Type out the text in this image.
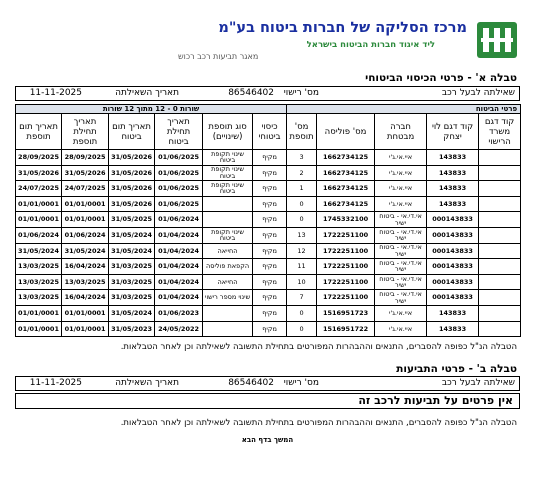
מרכז הסליקה של חברות ביטוח בע"מ
ליד איגוד חברות הביטוח בישראל
מאגר תביעות רכב רכוש
טבלה א' - פרטי הכיסוי הביטוחי
שאילתה לבעל רכב
מס' רישוי
86546402
תאריך השאילתה
11-11-2025
פרטי הביטוח					שורות 0 - 12 מתוך 12 שורות					
קוד דגם משרד הרישוי	קוד דגם לוי יצחק	חברה מבטחת	מס' פוליסה	מס' תוספת	כיסוי ביטוחי	סוג תוספת (שינויים)	תאריך תחילת ביטוח	תאריך תום ביטוח	תאריך תחילת תוספת	תאריך תום תוספת
	143833	איי.אי.ג'י	1662734125	3	מקיף	שינוי תקופת ביטוח	01/06/2025	31/05/2026	28/09/2025	28/09/2025
	143833	איי.אי.ג'י	1662734125	2	מקיף	שינוי תקופת ביטוח	01/06/2025	31/05/2026	31/05/2026	31/05/2026
	143833	איי.אי.ג'י	1662734125	1	מקיף	שינוי תקופת ביטוח	01/06/2025	31/05/2026	24/07/2025	24/07/2025
	143833	איי.אי.ג'י	1662734125	0	מקיף		01/06/2025	31/05/2026	01/01/0001	01/01/0001
	000143833	אי.די.אי - ביטוח ישיר	1745332100	0	מקיף		01/06/2024	31/05/2025	01/01/0001	01/01/0001
	000143833	אי.די.אי - ביטוח ישיר	1722251100	13	מקיף	שינוי תקופת ביטוח	01/04/2024	31/05/2024	01/06/2024	01/06/2024
	000143833	אי.די.אי - ביטוח ישיר	1722251100	12	מקיף	החייאה	01/04/2024	31/05/2024	31/05/2024	31/05/2024
	000143833	אי.די.אי - ביטוח ישיר	1722251100	11	מקיף	הקפאת פוליסה	01/04/2024	31/03/2025	16/04/2024	13/03/2025
	000143833	אי.די.אי - ביטוח ישיר	1722251100	10	מקיף	החייאה	01/04/2024	31/03/2025	13/03/2025	13/03/2025
	000143833	אי.די.אי - ביטוח ישיר	1722251100	7	מקיף	שינוי מספר רישוי	01/04/2024	31/03/2025	16/04/2024	13/03/2025
	143833	איי.אי.ג'י	1516951723	0	מקיף		01/06/2023	31/05/2024	01/01/0001	01/01/0001
	143833	איי.אי.ג'י	1516951722	0	מקיף		24/05/2022	31/05/2023	01/01/0001	01/01/0001
הטבלה הנ"ל כפופה להסברים, התנאים וההבהרות המפורטים בתחילת התשובה לשאילתה וכן לאחר הטבלאות.
טבלה ב' - פרטי התביעות
שאילתה לבעל רכב
מס' רישוי
86546402
תאריך השאילתה
11-11-2025
אין פרטים על תביעות לרכב זה
הטבלה הנ"ל כפופה להסברים, התנאים וההבהרות המפורטים בתחילת התשובה לשאילתה וכן לאחר הטבלאות.
המשך בדף הבא
